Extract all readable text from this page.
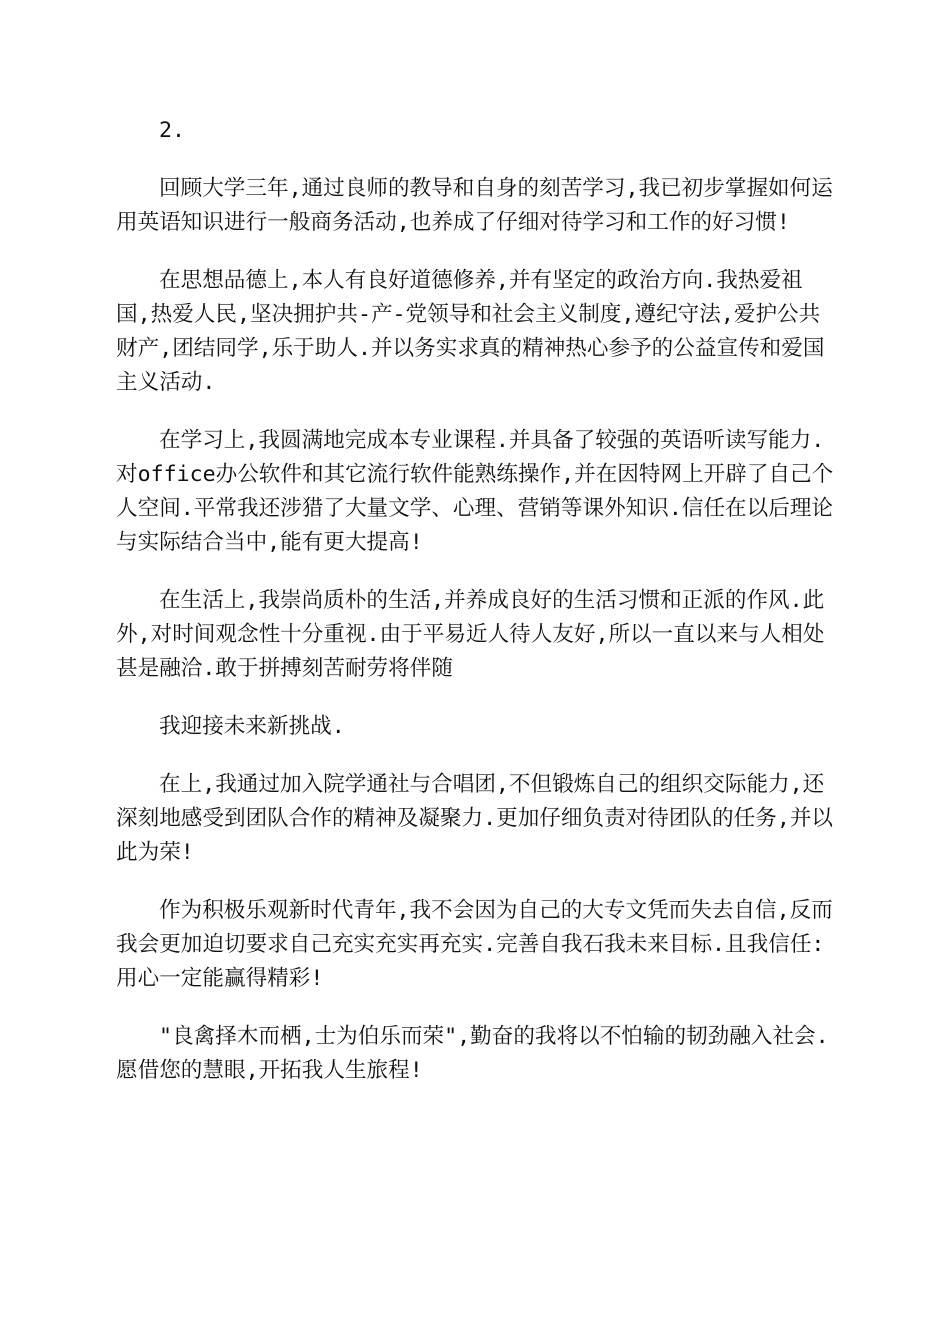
2.

回顾大学三年,通过良师的教导和自身的刻苦学习,我已初步掌握如何运用英语知识进行一般商务活动,也养成了仔细对待学习和工作的好习惯!

在思想品德上,本人有良好道德修养,并有坚定的政治方向.我热爱祖国,热爱人民,坚决拥护共-产-党领导和社会主义制度,遵纪守法,爱护公共财产,团结同学,乐于助人.并以务实求真的精神热心参予的公益宣传和爱国主义活动.

在学习上,我圆满地完成本专业课程.并具备了较强的英语听读写能力.对office办公软件和其它流行软件能熟练操作,并在因特网上开辟了自己个人空间.平常我还涉猎了大量文学、心理、营销等课外知识.信任在以后理论与实际结合当中,能有更大提高!

在生活上,我崇尚质朴的生活,并养成良好的生活习惯和正派的作风.此外,对时间观念性十分重视.由于平易近人待人友好,所以一直以来与人相处甚是融洽.敢于拼搏刻苦耐劳将伴随

我迎接未来新挑战.

在上,我通过加入院学通社与合唱团,不但锻炼自己的组织交际能力,还深刻地感受到团队合作的精神及凝聚力.更加仔细负责对待团队的任务,并以此为荣!

作为积极乐观新时代青年,我不会因为自己的大专文凭而失去自信,反而我会更加迫切要求自己充实充实再充实.完善自我石我未来目标.且我信任:用心一定能赢得精彩!

"良禽择木而栖,士为伯乐而荣",勤奋的我将以不怕输的韧劲融入社会.愿借您的慧眼,开拓我人生旅程!
